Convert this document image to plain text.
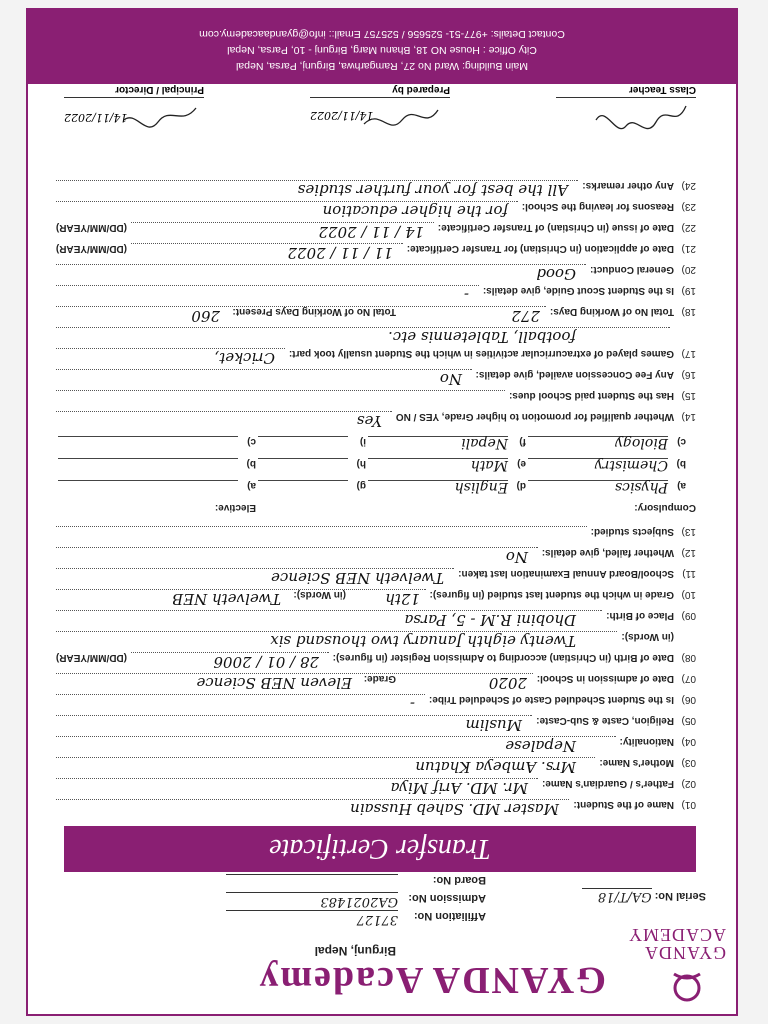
GYANDA
ACADEMY
GYANDA Academy
Birgunj, Nepal
Affiliation No:
37127
Admission No:
GA2021483
Board No:
Serial No: GA/T/18
Transfer Certificate
01)
Name of the Student:
Master MD. Saheb Hussain
02)
Father's / Guardian's Name:
Mr. MD. Arif Miya
03)
Mother's Name:
Mrs. Ambeya Khatun
04)
Nationality:
Nepalese
05)
Religion, Caste & Sub-Caste:
Muslim
06)
Is the Student Scheduled Caste of Scheduled Tribe:
-
07)
Date of admission in School:
2020
Grade:
Eleven NEB Science
08)
Date of Birth (in Christian) according to Admission Register (in figures):
28 / 01 / 2006
(DD/MM/YEAR)
(in Words):
Twenty eighth January two thousand six
09)
Place of Birth:
Dhobini R.M - 5, Parsa
10)
Grade in which the student last studied (in figures):
12th
(in Words):
Twelveth NEB
11)
School/Board Annual Examination last taken:
Twelveth NEB Science
12)
Whether failed, give details:
No
13)
Subjects studied:
Compulsory:
Elective:
a)
Physics
d)
English
g)
a)
b)
Chemistry
e)
Math
h)
b)
c)
Biology
f)
Nepali
i)
c)
14)
Whether qualified for promotion to higher Grade, YES / NO
Yes
15)
Has the Student paid School dues:
16)
Any Fee Concession availed, give details:
No
17)
Games played of extracurricular activities in which the Student usually took part:
Cricket,
football, Tabletennis etc.
18)
Total No of Working Days:
272
Total No of Working Days Present:
260
19)
Is the Student Scout Guide, give details:
-
20)
General Conduct:
Good
21)
Date of application (in Christian) for Transfer Certificate:
11 / 11 / 2022
(DD/MM/YEAR)
22)
Date of issue (in Christian) of Transfer Certificate:
14 / 11 / 2022
(DD/MM/YEAR)
23)
Reasons for leaving the School:
for the higher education
24)
Any other remarks:
All the best for your further studies
Class Teacher
14/11/2022
Prepared by
14/11/2022
Principal / Director
Main Building: Ward No 27, Ramgarhwa, Birgunj, Parsa, Nepal
City Office : House NO 18, Bhanu Marg, Birgunj - 10, Parsa, Nepal
Contact Details: +977-51- 525656 / 525757 Email:: info@gyandaacademy.com
